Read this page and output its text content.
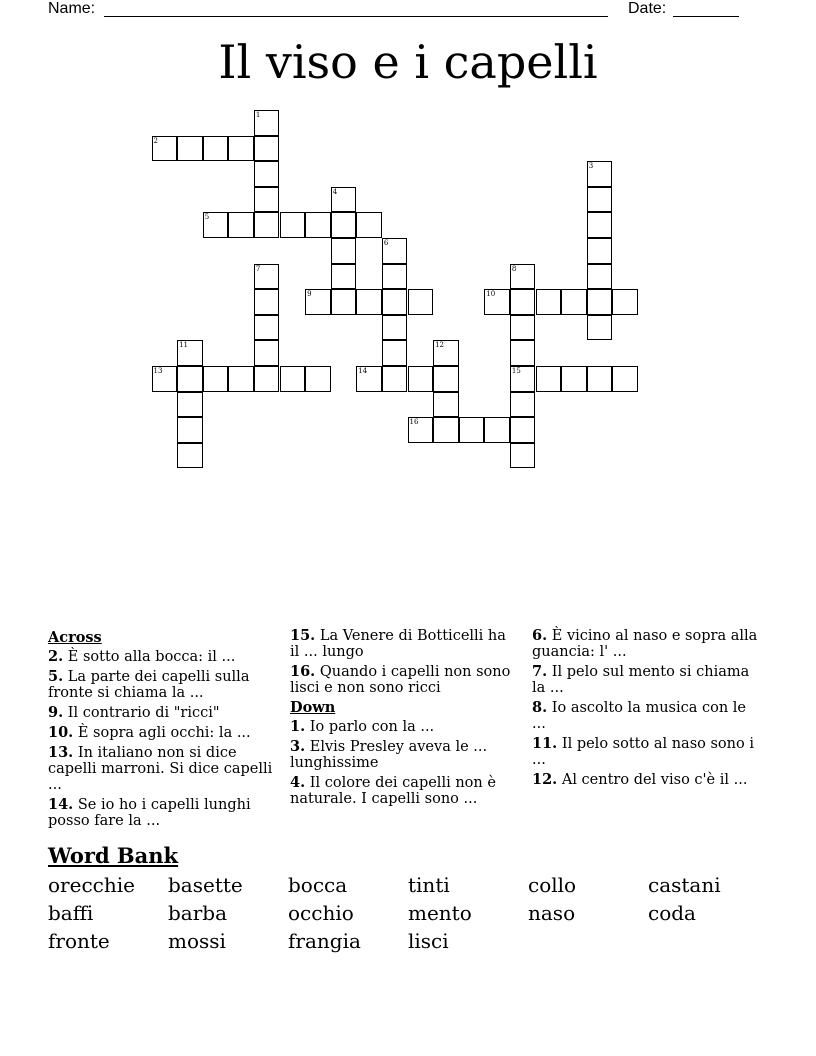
Name:	Date:
Il viso e i capelli
1
2
3
4
5
6
7	8
9	10
11	12
13	14	15
16
Across
2. È sotto alla bocca: il ...
5. La parte dei capelli sulla fronte si chiama la ...
9. Il contrario di "ricci"
10. È sopra agli occhi: la ...
13. In italiano non si dice capelli marroni. Si dice capelli ...
14. Se io ho i capelli lunghi posso fare la ...
15. La Venere di Botticelli ha il ... lungo
16. Quando i capelli non sono lisci e non sono ricci
Down
1. Io parlo con la ...
3. Elvis Presley aveva le ... lunghissime
4. Il colore dei capelli non è naturale. I capelli sono ...
6. È vicino al naso e sopra alla guancia: l' ...
7. Il pelo sul mento si chiama la ...
8. Io ascolto la musica con le ...
11. Il pelo sotto al naso sono i ...
12. Al centro del viso c'è il ...
Word Bank
orecchie	basette	bocca	tinti	collo	castani
baffi	barba	occhio	mento	naso	coda
fronte	mossi	frangia	lisci
